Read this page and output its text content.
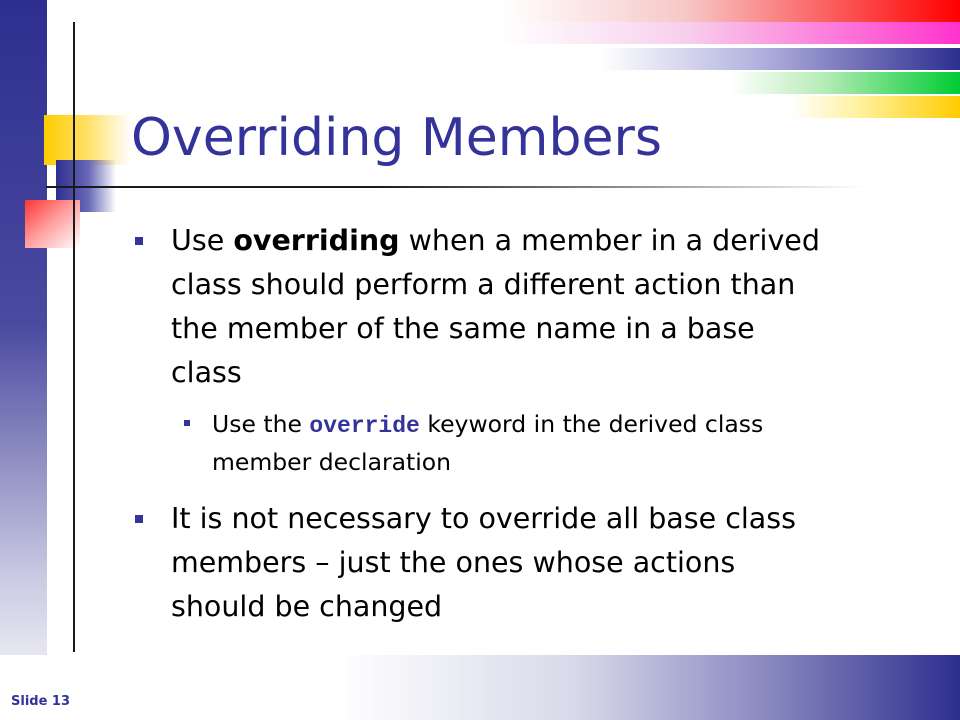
Overriding Members
Use overriding when a member in a derived
class should perform a different action than
the member of the same name in a base
class
Use the override keyword in the derived class
member declaration
It is not necessary to override all base class
members – just the ones whose actions
should be changed
Slide 13
